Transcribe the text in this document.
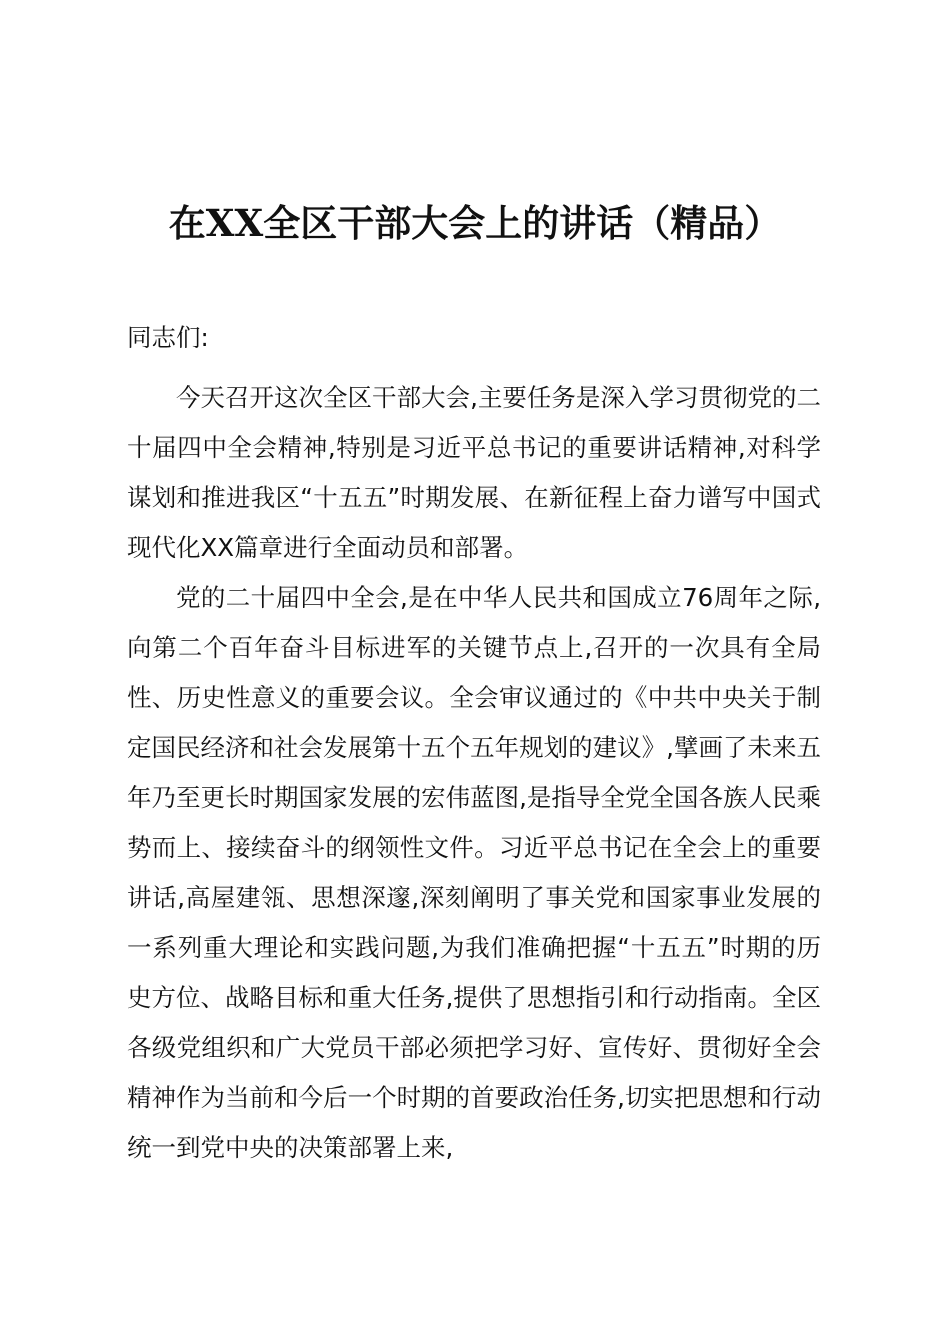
在XX全区干部大会上的讲话（精品）
同志们:

今天召开这次全区干部大会,主要任务是深入学习贯彻党的二十届四中全会精神,特别是习近平总书记的重要讲话精神,对科学谋划和推进我区“十五五”时期发展、在新征程上奋力谱写中国式现代化XX篇章进行全面动员和部署。

党的二十届四中全会,是在中华人民共和国成立76周年之际,向第二个百年奋斗目标进军的关键节点上,召开的一次具有全局性、历史性意义的重要会议。全会审议通过的《中共中央关于制定国民经济和社会发展第十五个五年规划的建议》,擘画了未来五年乃至更长时期国家发展的宏伟蓝图,是指导全党全国各族人民乘势而上、接续奋斗的纲领性文件。习近平总书记在全会上的重要讲话,高屋建瓴、思想深邃,深刻阐明了事关党和国家事业发展的一系列重大理论和实践问题,为我们准确把握“十五五”时期的历史方位、战略目标和重大任务,提供了思想指引和行动指南。全区各级党组织和广大党员干部必须把学习好、宣传好、贯彻好全会精神作为当前和今后一个时期的首要政治任务,切实把思想和行动统一到党中央的决策部署上来,
